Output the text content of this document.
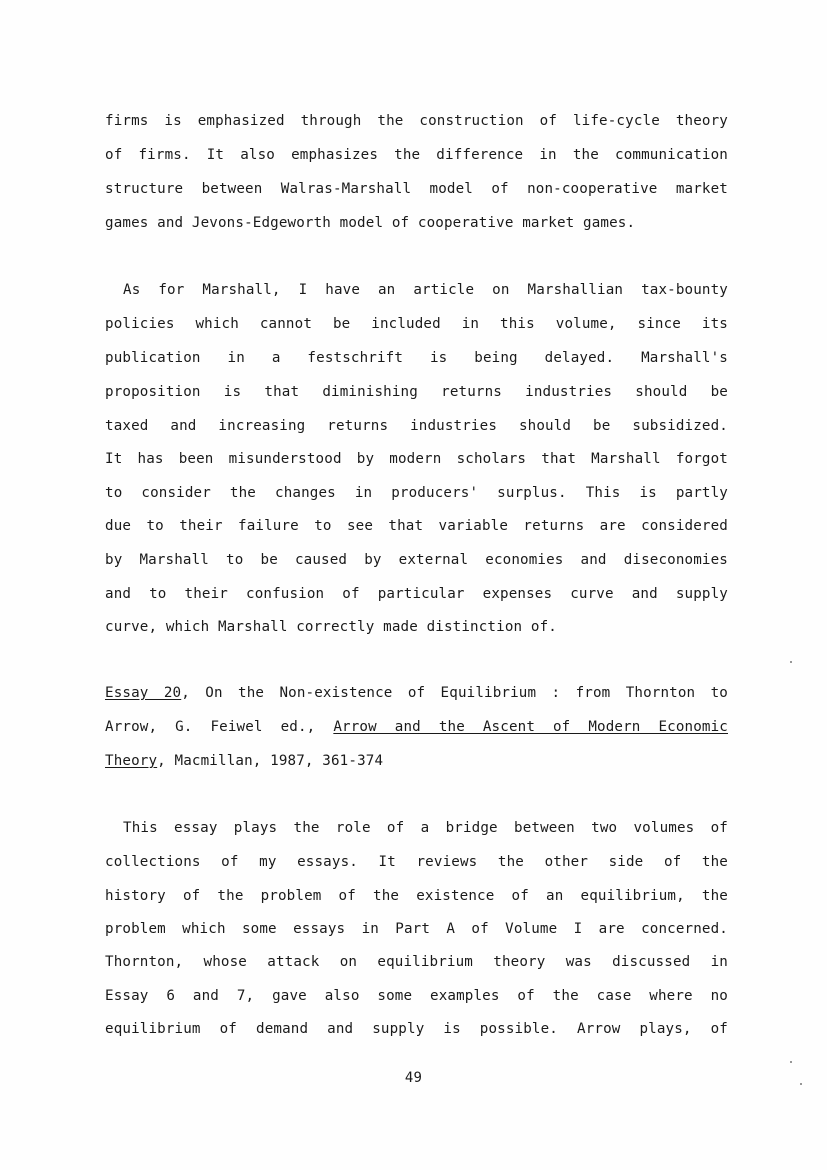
firms is emphasized through the construction of life-cycle theory
of firms. It also emphasizes the difference in the communication
structure between Walras-Marshall model of non-cooperative market
games and Jevons-Edgeworth model of cooperative market games.
As for Marshall, I have an article on Marshallian tax-bounty
policies which cannot be included in this volume, since its
publication in a festschrift is being delayed. Marshall's
proposition is that diminishing returns industries should be
taxed and increasing returns industries should be subsidized.
It has been misunderstood by modern scholars that Marshall forgot
to consider the changes in producers' surplus. This is partly
due to their failure to see that variable returns are considered
by Marshall to be caused by external economies and diseconomies
and to their confusion of particular expenses curve and supply
curve, which Marshall correctly made distinction of.
Essay 20, On the Non-existence of Equilibrium : from Thornton to
Arrow, G. Feiwel ed., Arrow and the Ascent of Modern Economic
Theory, Macmillan, 1987, 361-374
This essay plays the role of a bridge between two volumes of
collections of my essays. It reviews the other side of the
history of the problem of the existence of an equilibrium, the
problem which some essays in Part A of Volume I are concerned.
Thornton, whose attack on equilibrium theory was discussed in
Essay 6 and 7, gave also some examples of the case where no
equilibrium of demand and supply is possible. Arrow plays, of
49
